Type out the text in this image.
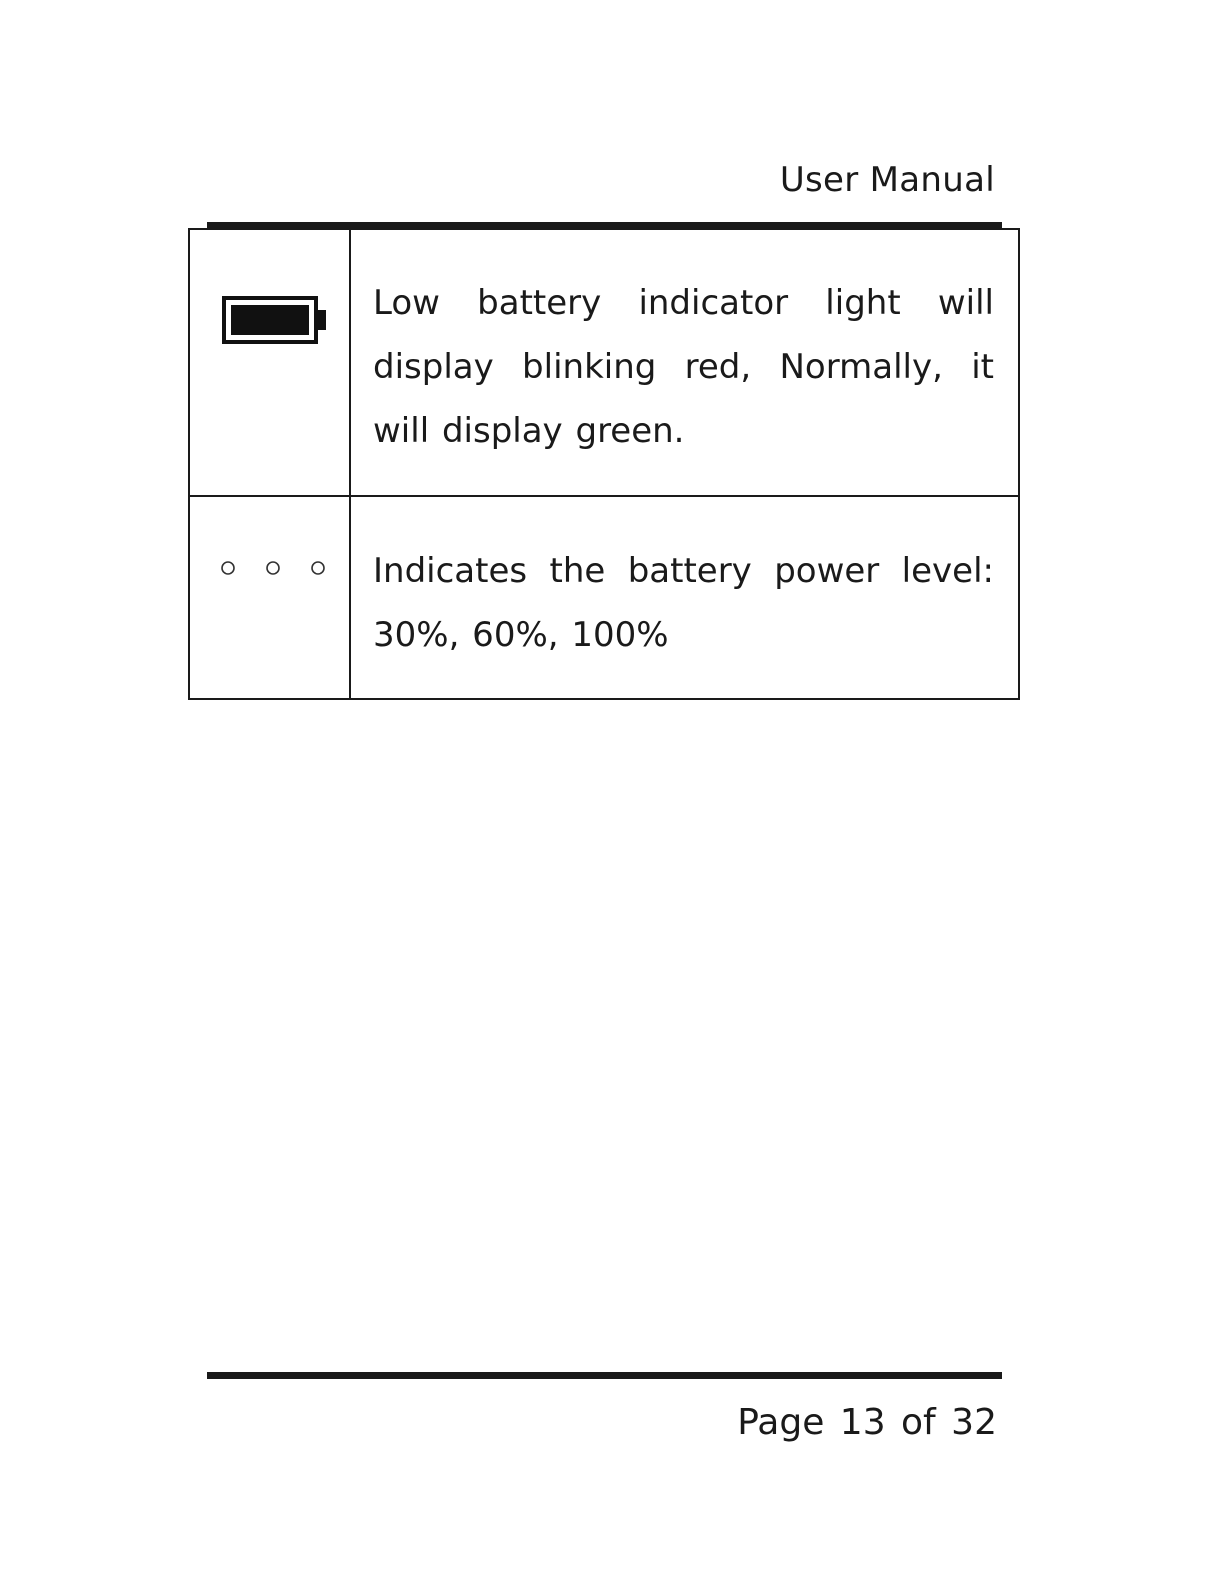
User Manual

Low battery indicator light will display blinking red, Normally, it will display green.

Indicates the battery power level: 30%, 60%, 100%
Page 13 of 32
